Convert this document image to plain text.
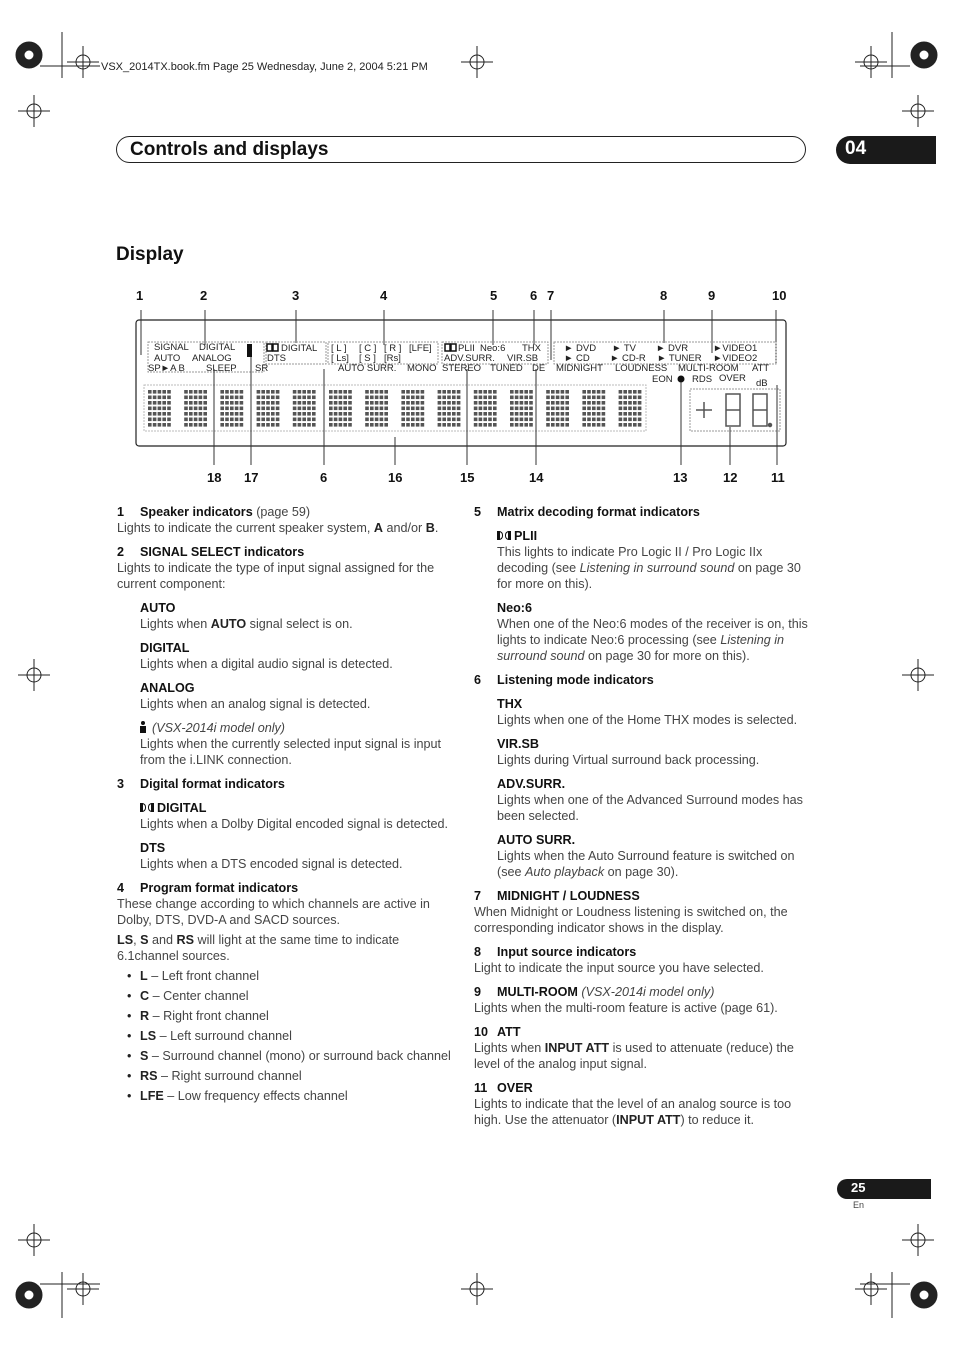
VSX_2014TX.book.fm Page 25 Wednesday, June 2, 2004 5:21 PM
Controls and displays	04
Display
1	2	3	4	5	6 7	8	9	10
SIGNAL DIGITAL
AUTO ANALOG
SP►A B SLEEP
DIGITAL
DTS
SR
[ L ] [ C ] [ R ] [LFE]
[ Ls] [ S ] [Rs]
PLII Neo:6 THX
ADV.SURR. VIR.SB
AUTO SURR. MONO STEREO TUNED DE
► DVD ► TV ► DVR	►VIDEO1
► CD ► CD-R ► TUNER ►VIDEO2
MIDNIGHT LOUDNESS MULTI-ROOM ATT
EON RDS OVER dB
18 17	6	16	15	14	13	12	11
1 Speaker indicators (page 59)
Lights to indicate the current speaker system, A and/or B.
2 SIGNAL SELECT indicators
Lights to indicate the type of input signal assigned for the current component:
AUTO
Lights when AUTO signal select is on.
DIGITAL
Lights when a digital audio signal is detected.
ANALOG
Lights when an analog signal is detected.
(VSX-2014i model only)
Lights when the currently selected input signal is input from the i.LINK connection.
3 Digital format indicators
DIGITAL
Lights when a Dolby Digital encoded signal is detected.
DTS
Lights when a DTS encoded signal is detected.
4 Program format indicators
These change according to which channels are active in Dolby, DTS, DVD-A and SACD sources.
LS, S and RS will light at the same time to indicate 6.1channel sources.
• L – Left front channel
• C – Center channel
• R – Right front channel
• LS – Left surround channel
• S – Surround channel (mono) or surround back channel
• RS – Right surround channel
• LFE – Low frequency effects channel
5 Matrix decoding format indicators
PLII
This lights to indicate Pro Logic II / Pro Logic IIx decoding (see Listening in surround sound on page 30 for more on this).
Neo:6
When one of the Neo:6 modes of the receiver is on, this lights to indicate Neo:6 processing (see Listening in surround sound on page 30 for more on this).
6 Listening mode indicators
THX
Lights when one of the Home THX modes is selected.
VIR.SB
Lights during Virtual surround back processing.
ADV.SURR.
Lights when one of the Advanced Surround modes has been selected.
AUTO SURR.
Lights when the Auto Surround feature is switched on (see Auto playback on page 30).
7 MIDNIGHT / LOUDNESS
When Midnight or Loudness listening is switched on, the corresponding indicator shows in the display.
8 Input source indicators
Light to indicate the input source you have selected.
9 MULTI-ROOM (VSX-2014i model only)
Lights when the multi-room feature is active (page 61).
10 ATT
Lights when INPUT ATT is used to attenuate (reduce) the level of the analog input signal.
11 OVER
Lights to indicate that the level of an analog source is too high. Use the attenuator (INPUT ATT) to reduce it.
25
En
